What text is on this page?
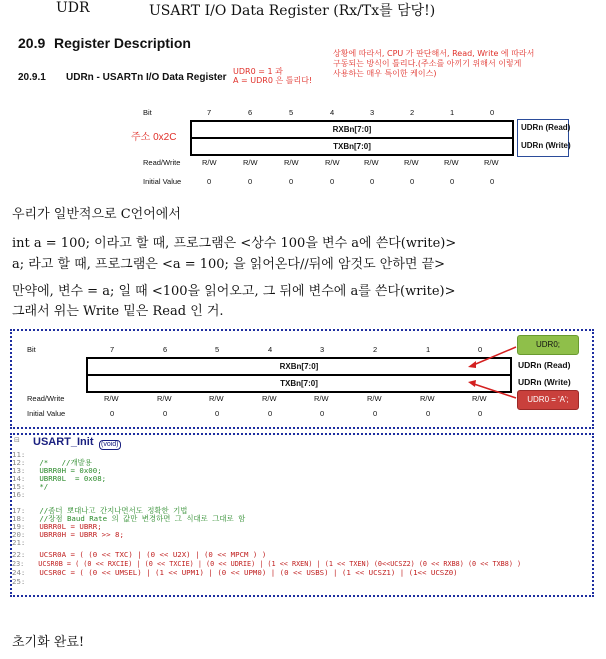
UDR	USART I/O Data Register (Rx/Tx를 담당!)
20.9 Register Description
20.9.1 UDRn - USARTn I/O Data Register
UDR0 = 1 과
A = UDR0 은 틀리다!
상황에 따라서, CPU 가 판단해서, Read, Write 에 따라서
구동되는 방식이 틀리다.(주소를 아끼기 위해서 이렇게
사용하는 매우 특이한 케이스)
Bit	7	6	5	4	3	2	1	0
주소 0x2C
RXBn[7:0]
TXBn[7:0]
UDRn (Read)
UDRn (Write)
Read/Write	R/W	R/W	R/W	R/W	R/W	R/W	R/W	R/W
Initial Value	0	0	0	0	0	0	0	0
우리가 일반적으로 C언어에서
int a = 100; 이라고 할 때, 프로그램은 <상수 100을 변수 a에 쓴다(write)>
a; 라고 할 때, 프로그램은 <a = 100; 을 읽어온다//뒤에 암것도 안하면 끝>
만약에, 변수 = a; 일 때 <100을 읽어오고, 그 뒤에 변수에 a를 쓴다(write)>
그래서 위는 Write 밑은 Read 인 거.
Bit	7	6	5	4	3	2	1	0
RXBn[7:0]
TXBn[7:0]
UDRn (Read)
UDRn (Write)
UDR0;
UDR0 = 'A';
Read/Write	R/W	R/W	R/W	R/W	R/W	R/W	R/W	R/W
Initial Value	0	0	0	0	0	0	0	0
⊟ USART_Init (void)
11:
12:   /*   //개발용
13:   UBRR0H = 0x00;
14:   UBRR0L  = 0x08;
15:   */
16:
17:   //좀더 뽀대나고 간지나면서도 정확한 기법
18:   //장점 Baud Rate 의 값만 변경하면 그 식대로 그대로 함
19:   UBRR0L = UBRR;
20:   UBRR0H = UBRR >> 8;
21:
22:   UCSR0A = ( (0 << TXC) | (0 << U2X) | (0 << MPCM ) )
23:   UCSR0B = ( (0 << RXCIE) | (0 << TXCIE) | (0 << UDRIE) | (1 << RXEN) | (1 << TXEN) (0<<UCSZ2) (0 << RXB8) (0 << TXB8) )
24:   UCSR0C = ( (0 << UMSEL) | (1 << UPM1) | (0 << UPM0) | (0 << USBS) | (1 << UCSZ1) | (1<< UCSZ0)
25:
초기화 완료!
